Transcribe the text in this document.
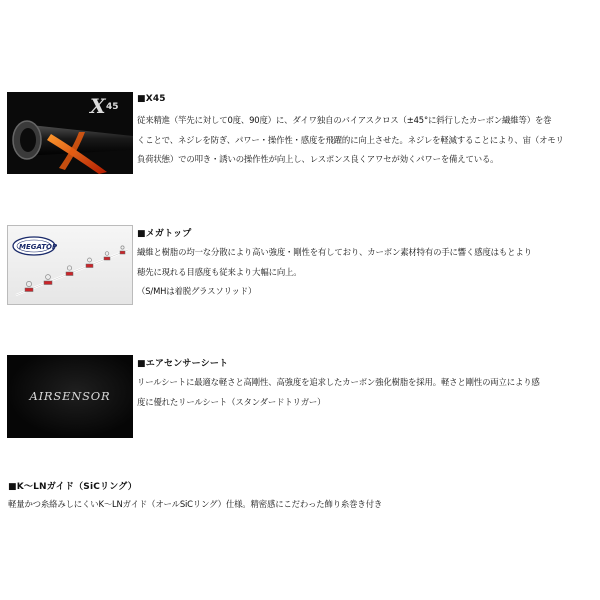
X 45
■X45

従来精進（竿先に対して0度、90度）に、ダイワ独自のバイアスクロス（±45°に斜行したカーボン繊維等）を巻

くことで、ネジレを防ぎ、パワー・操作性・感度を飛躍的に向上させた。ネジレを軽減することにより、宙（オモリ

負荷状態）での叩き・誘いの操作性が向上し、レスポンス良くアワセが効くパワーを備えている。

MEGATOP
■メガトップ

繊維と樹脂の均一な分散により高い強度・剛性を有しており、カーボン素材特有の手に響く感度はもとより

穂先に現れる目感度も従来より大幅に向上。

（S/MHは着脱グラスソリッド）

AIRSENSOR
■エアセンサーシート

リールシートに最適な軽さと高剛性、高強度を追求したカーボン強化樹脂を採用。軽さと剛性の両立により感

度に優れたリールシート（スタンダードトリガー）

■K～LNガイド（SiCリング）

軽量かつ糸絡みしにくいK～LNガイド（オールSiCリング）仕様。精密感にこだわった飾り糸巻き付き
